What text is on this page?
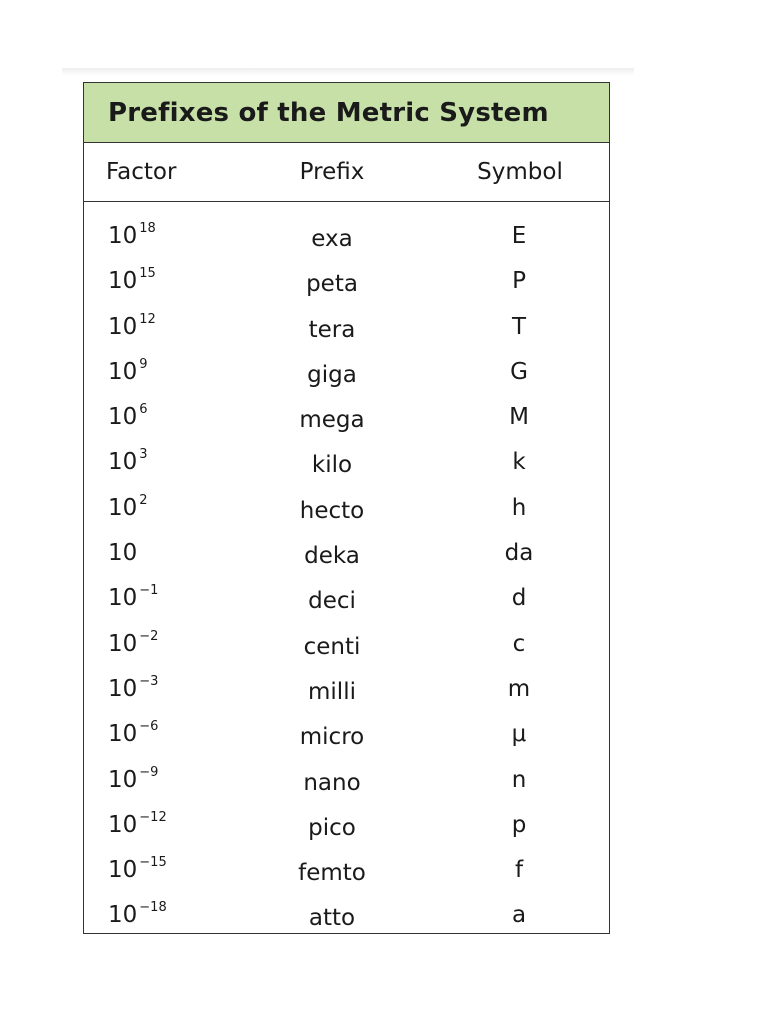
Prefixes of the Metric System
Factor	Prefix	Symbol
10 $^{18}$	exa	E
10 $^{15}$	peta	P
10 $^{12}$	tera	T
10 $^9$	giga	G
10 $^6$	mega	M
10 $^3$	kilo	k
10 $^2$	hecto	h
10	deka	da
10 $^{-1}$	deci	d
10 $^{-2}$	centi	c
10 $^{-3}$	milli	m
10 $^{-6}$	micro	μ
10 $^{-9}$	nano	n
10 $^{-12}$	pico	p
10 $^{-15}$	femto	f
10 $^{-18}$	atto	a
